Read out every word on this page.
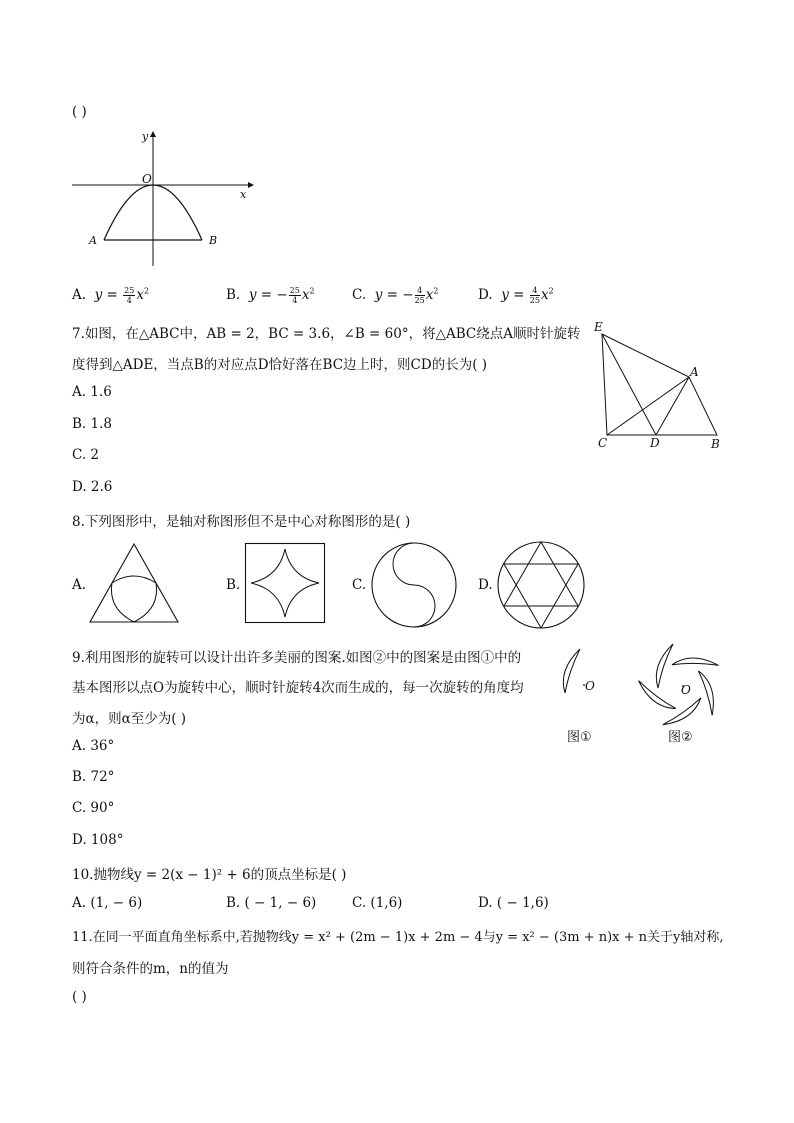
( )
y
x
O
A	B
A. $y = \frac{25}{4} x^2$	B. y = − $\frac{25}{4} x^2$	C. y = − $\frac{4}{25} x^2$	D. $y = \frac{4}{25} x^2$
7.如图，在△ABC中，AB = 2，BC = 3.6，∠B = 60°，将△ABC绕点A顺时针旋转
度得到△ADE，当点B的对应点D恰好落在BC边上时，则CD的长为( )
A. 1.6
B. 1.8
C. 2
D. 2.6
E
A
C	D	B
8.下列图形中，是轴对称图形但不是中心对称图形的是( )
A.	B.	C.	D.
9.利用图形的旋转可以设计出许多美丽的图案.如图②中的图案是由图①中的
基本图形以点O为旋转中心，顺时针旋转4次而生成的，每一次旋转的角度均
为α，则α至少为( )
A. 36°
B. 72°
C. 90°
D. 108°
O
图①
O
图②
10.抛物线y = 2(x − 1)² + 6的顶点坐标是( )
A. (1, − 6)	B. ( − 1, − 6)	C. (1,6)	D. ( − 1,6)
11.在同一平面直角坐标系中,若抛物线y = x² + (2m − 1)x + 2m − 4与y = x² − (3m + n)x + n关于y轴对称,
则符合条件的m，n的值为
( )
